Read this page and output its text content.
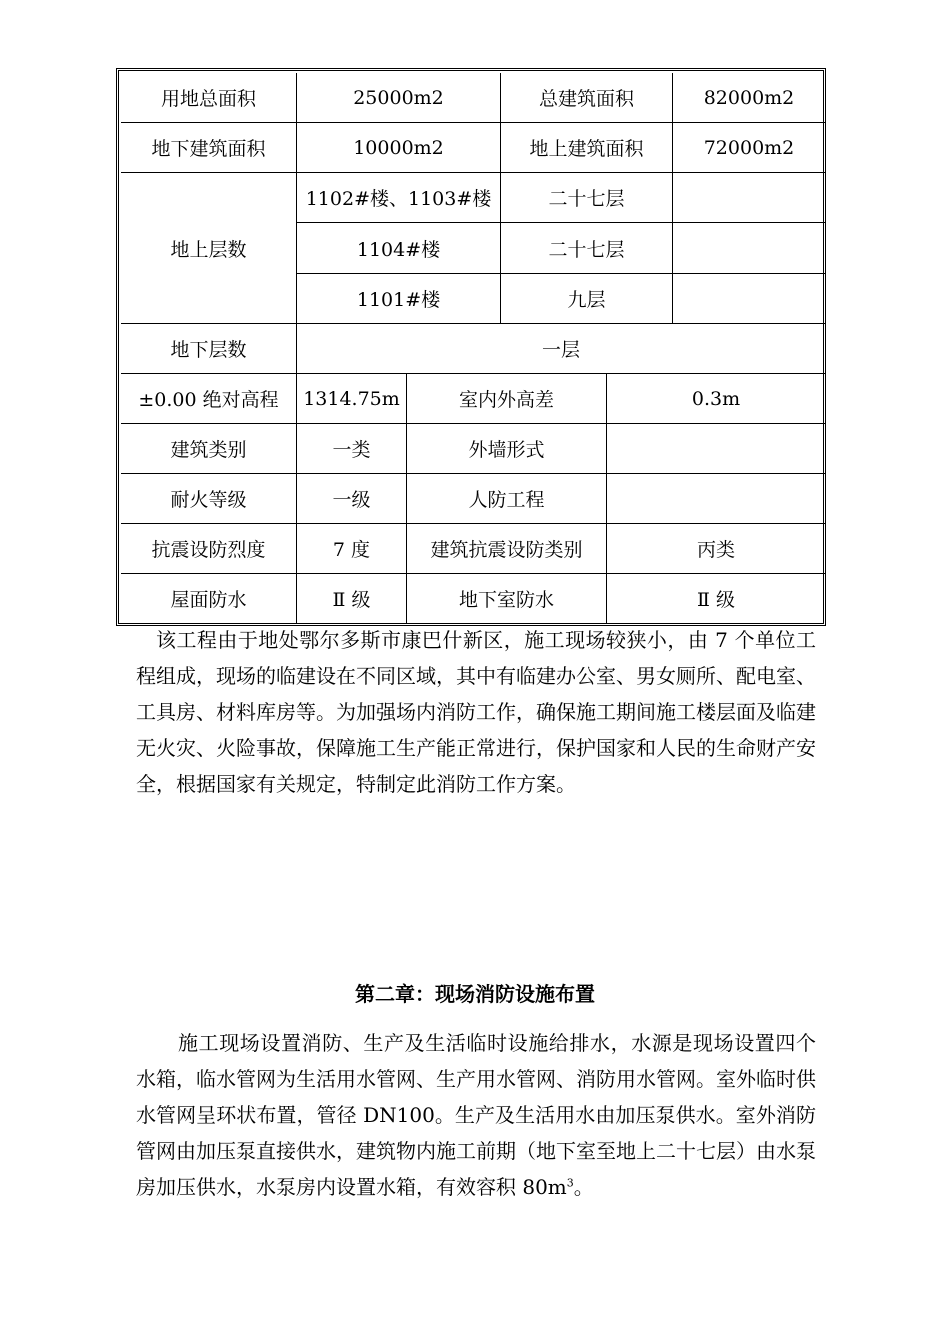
用地总面积	25000m2	总建筑面积	82000m2
地下建筑面积	10000m2	地上建筑面积	72000m2
地上层数
1102#楼、1103#楼	二十七层
1104#楼	二十七层
1101#楼	九层
地下层数	一层
±0.00 绝对高程	1314.75m	室内外高差	0.3m
建筑类别	一类	外墙形式
耐火等级	一级	人防工程
抗震设防烈度	7 度	建筑抗震设防类别	丙类
屋面防水	Ⅱ 级	地下室防水	Ⅱ 级

该工程由于地处鄂尔多斯市康巴什新区，施工现场较狭小，由 7 个单位工程组成，现场的临建设在不同区域，其中有临建办公室、男女厕所、配电室、工具房、材料库房等。为加强场内消防工作，确保施工期间施工楼层面及临建无火灾、火险事故，保障施工生产能正常进行，保护国家和人民的生命财产安全，根据国家有关规定，特制定此消防工作方案。

第二章：现场消防设施布置

施工现场设置消防、生产及生活临时设施给排水，水源是现场设置四个水箱，临水管网为生活用水管网、生产用水管网、消防用水管网。室外临时供水管网呈环状布置，管径 DN100。生产及生活用水由加压泵供水。室外消防管网由加压泵直接供水，建筑物内施工前期（地下室至地上二十七层）由水泵房加压供水，水泵房内设置水箱，有效容积 $80m^3$。
